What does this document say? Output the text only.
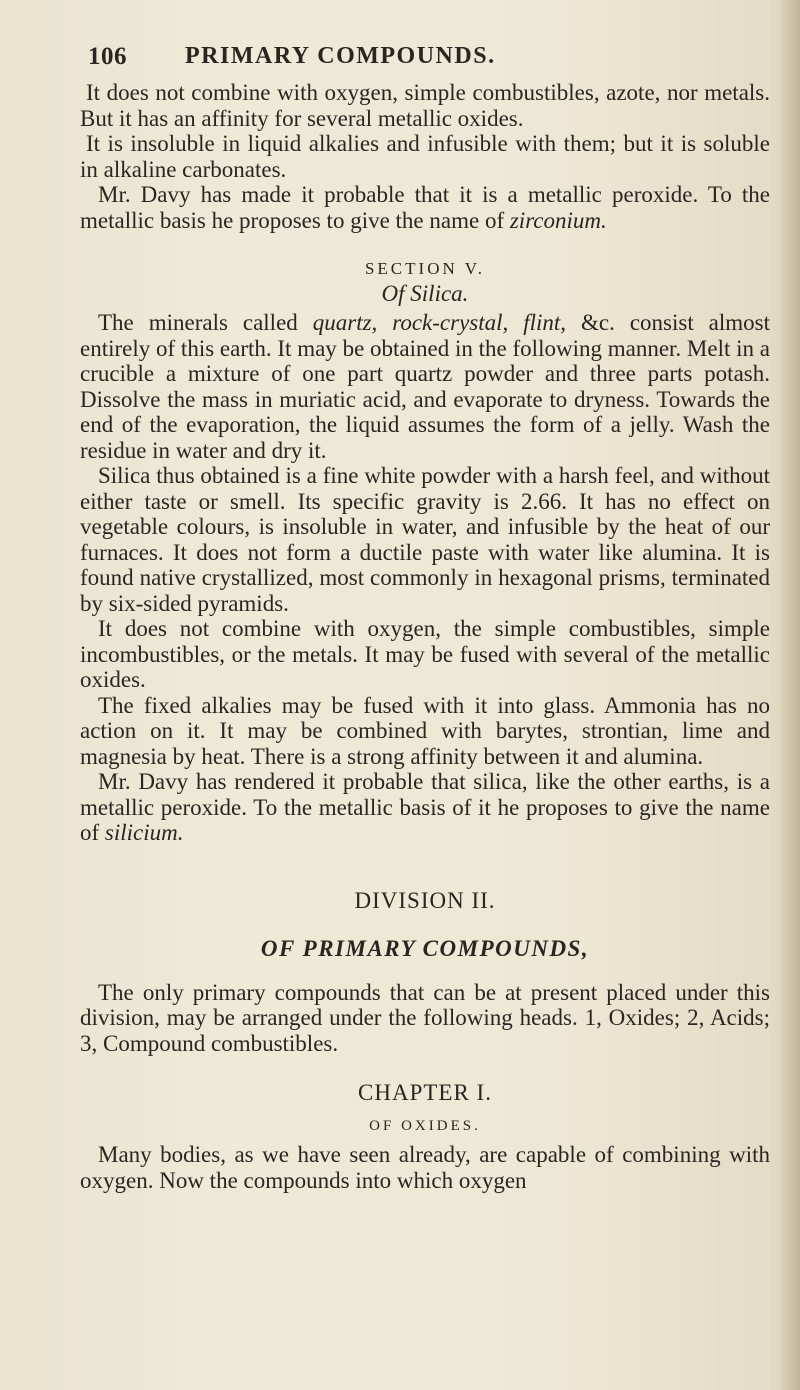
106 PRIMARY COMPOUNDS.

It does not combine with oxygen, simple combustibles, azote, nor metals. But it has an affinity for several metallic oxides.

It is insoluble in liquid alkalies and infusible with them; but it is soluble in alkaline carbonates.

Mr. Davy has made it probable that it is a metallic peroxide. To the metallic basis he proposes to give the name of zirconium.

SECTION V.

Of Silica.

The minerals called quartz, rock-crystal, flint, &c. consist almost entirely of this earth. It may be obtained in the following manner. Melt in a crucible a mixture of one part quartz powder and three parts potash. Dissolve the mass in muriatic acid, and evaporate to dryness. Towards the end of the evaporation, the liquid assumes the form of a jelly. Wash the residue in water and dry it.

Silica thus obtained is a fine white powder with a harsh feel, and without either taste or smell. Its specific gravity is 2.66. It has no effect on vegetable colours, is insoluble in water, and infusible by the heat of our furnaces. It does not form a ductile paste with water like alumina. It is found native crystallized, most commonly in hexagonal prisms, terminated by six-sided pyramids.

It does not combine with oxygen, the simple combustibles, simple incombustibles, or the metals. It may be fused with several of the metallic oxides.

The fixed alkalies may be fused with it into glass. Ammonia has no action on it. It may be combined with barytes, strontian, lime and magnesia by heat. There is a strong affinity between it and alumina.

Mr. Davy has rendered it probable that silica, like the other earths, is a metallic peroxide. To the metallic basis of it he proposes to give the name of silicium.

DIVISION II.

OF PRIMARY COMPOUNDS,

The only primary compounds that can be at present placed under this division, may be arranged under the following heads. 1, Oxides; 2, Acids; 3, Compound combustibles.

CHAPTER I.

OF OXIDES.

Many bodies, as we have seen already, are capable of combining with oxygen. Now the compounds into which oxygen
